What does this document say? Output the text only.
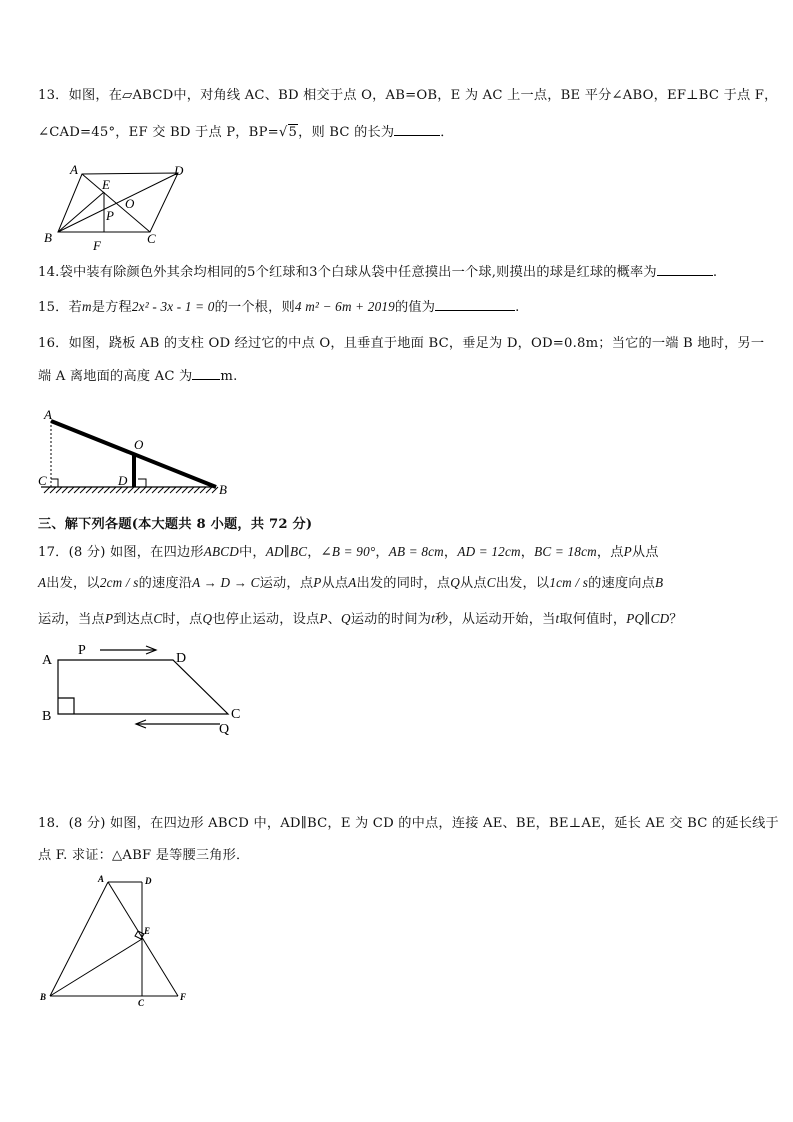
13．如图，在▱ABCD中，对角线 AC、BD 相交于点 O，AB=OB，E 为 AC 上一点，BE 平分∠ABO，EF⊥BC 于点 F，
∠CAD=45°，EF 交 BD 于点 P，BP=√5，则 BC 的长为	．
A
B	C
D
E
F
O
P
14.袋中装有除颜色外其余均相同的5个红球和3个白球从袋中任意摸出一个球,则摸出的球是红球的概率为	.
15．若m是方程2x² - 3x - 1 = 0的一个根，则4 m² − 6m + 2019的值为	.
16．如图，跷板 AB 的支柱 OD 经过它的中点 O，且垂直于地面 BC，垂足为 D，OD=0.8m；当它的一端 B 地时，另一
端 A 离地面的高度 AC 为 m.
A
C	D
O
B
三、解下列各题(本大题共 8 小题，共 72 分)
17．(8 分) 如图，在四边形ABCD中，AD∥BC，∠B = 90°，AB = 8cm，AD = 12cm，BC = 18cm，点P从点
A出发，以2cm / s的速度沿A → D → C运动，点P从点A出发的同时，点Q从点C出发，以1cm / s的速度向点B
运动，当点P到达点C时，点Q也停止运动，设点P、Q运动的时间为t秒，从运动开始，当t取何值时，PQ∥CD？
A
B	C
D
P
Q
18．(8 分) 如图，在四边形 ABCD 中，AD∥BC，E 为 CD 的中点，连接 AE、BE，BE⊥AE，延长 AE 交 BC 的延长线于
点 F. 求证：△ABF 是等腰三角形．
A	D
E
B
C
F
